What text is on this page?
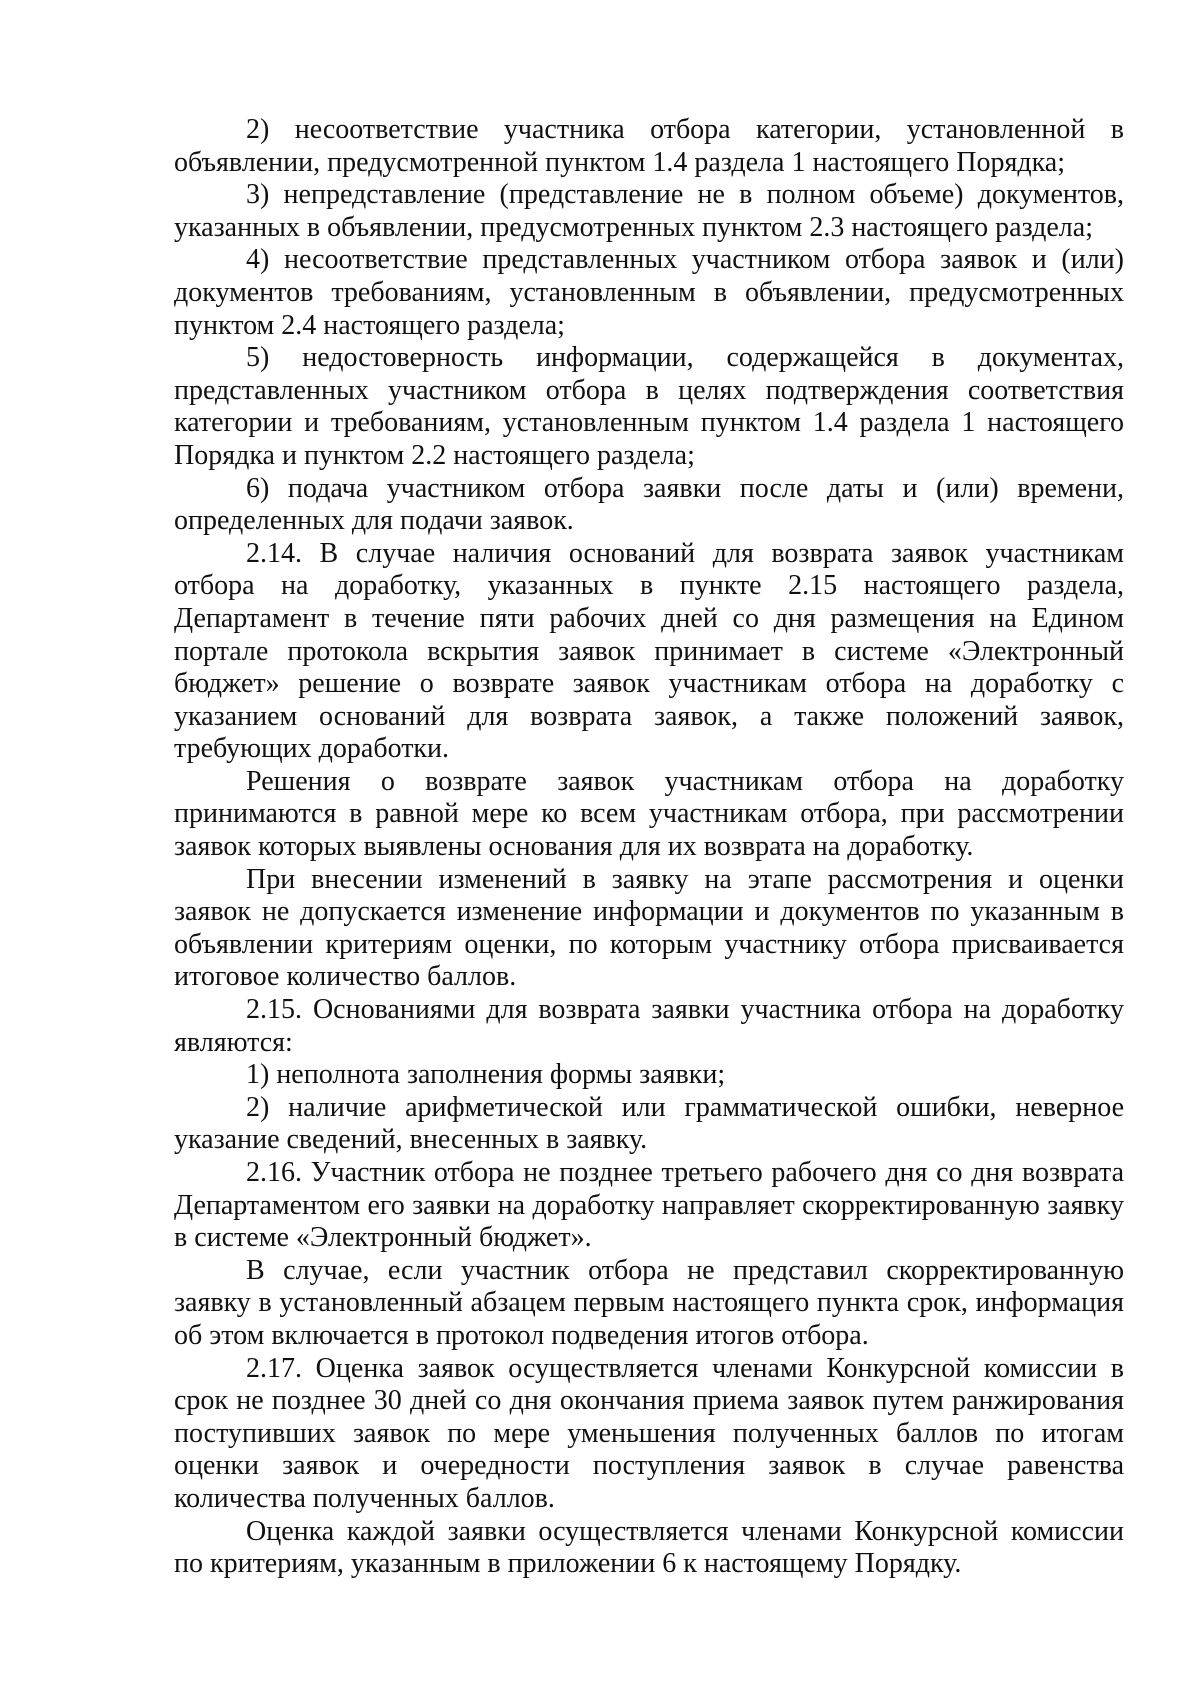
2) несоответствие участника отбора категории, установленной в объявлении, предусмотренной пунктом 1.4 раздела 1 настоящего Порядка;

3) непредставление (представление не в полном объеме) документов, указанных в объявлении, предусмотренных пунктом 2.3 настоящего раздела;

4) несоответствие представленных участником отбора заявок и (или) документов требованиям, установленным в объявлении, предусмотренных пунктом 2.4 настоящего раздела;

5) недостоверность информации, содержащейся в документах, представленных участником отбора в целях подтверждения соответствия категории и требованиям, установленным пунктом 1.4 раздела 1 настоящего Порядка и пунктом 2.2 настоящего раздела;

6) подача участником отбора заявки после даты и (или) времени, определенных для подачи заявок.

2.14. В случае наличия оснований для возврата заявок участникам отбора на доработку, указанных в пункте 2.15 настоящего раздела, Департамент в течение пяти рабочих дней со дня размещения на Едином портале протокола вскрытия заявок принимает в системе «Электронный бюджет» решение о возврате заявок участникам отбора на доработку с указанием оснований для возврата заявок, а также положений заявок, требующих доработки.

Решения о возврате заявок участникам отбора на доработку принимаются в равной мере ко всем участникам отбора, при рассмотрении заявок которых выявлены основания для их возврата на доработку.

При внесении изменений в заявку на этапе рассмотрения и оценки заявок не допускается изменение информации и документов по указанным в объявлении критериям оценки, по которым участнику отбора присваивается итоговое количество баллов.

2.15. Основаниями для возврата заявки участника отбора на доработку являются:

1) неполнота заполнения формы заявки;

2) наличие арифметической или грамматической ошибки, неверное указание сведений, внесенных в заявку.

2.16. Участник отбора не позднее третьего рабочего дня со дня возврата Департаментом его заявки на доработку направляет скорректированную заявку в системе «Электронный бюджет».

В случае, если участник отбора не представил скорректированную заявку в установленный абзацем первым настоящего пункта срок, информация об этом включается в протокол подведения итогов отбора.

2.17. Оценка заявок осуществляется членами Конкурсной комиссии в срок не позднее 30 дней со дня окончания приема заявок путем ранжирования поступивших заявок по мере уменьшения полученных баллов по итогам оценки заявок и очередности поступления заявок в случае равенства количества полученных баллов.

Оценка каждой заявки осуществляется членами Конкурсной комиссии по критериям, указанным в приложении 6 к настоящему Порядку.
